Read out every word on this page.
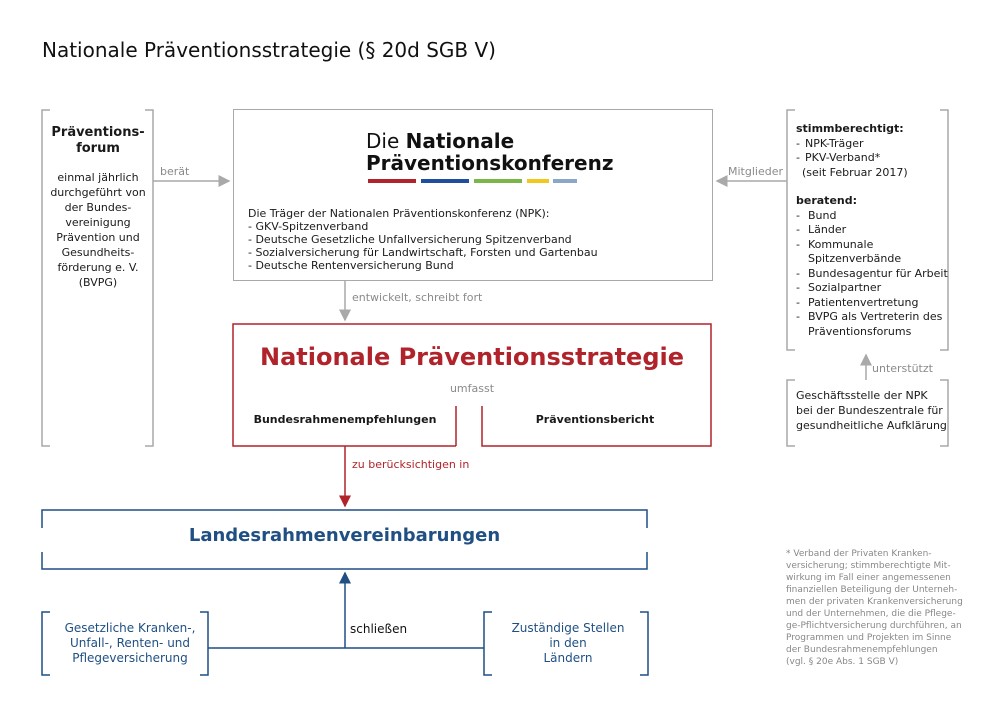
Nationale Präventionsstrategie (§ 20d SGB V)
Präventions-
forum
einmal jährlich
durchgeführt von
der Bundes-
vereinigung
Prävention und
Gesundheits-
förderung e. V.
(BVPG)
berät
Die Nationale
Präventionskonferenz
Die Träger der Nationalen Präventionskonferenz (NPK):
- GKV-Spitzenverband
- Deutsche Gesetzliche Unfallversicherung Spitzenverband
- Sozialversicherung für Landwirtschaft, Forsten und Gartenbau
- Deutsche Rentenversicherung Bund
Mitglieder
entwickelt, schreibt fort
Nationale Präventionsstrategie
umfasst
Bundesrahmenempfehlungen	Präventionsbericht
zu berücksichtigen in
stimmberechtigt:
- NPK-Träger
- PKV-Verband*
(seit Februar 2017)
beratend:
- Bund
- Länder
- Kommunale
Spitzenverbände
- Bundesagentur für Arbeit
- Sozialpartner
- Patientenvertretung
- BVPG als Vertreterin des
Präventionsforums
unterstützt
Geschäftsstelle der NPK
bei der Bundeszentrale für
gesundheitliche Aufklärung
Landesrahmenvereinbarungen
Gesetzliche Kranken-,
Unfall-, Renten- und
Pflegeversicherung
Zuständige Stellen
in den
Ländern
schließen
* Verband der Privaten Kranken-
versicherung; stimmberechtigte Mit-
wirkung im Fall einer angemessenen
finanziellen Beteiligung der Unterneh-
men der privaten Krankenversicherung
und der Unternehmen, die die Pflege-
ge-Pflichtversicherung durchführen, an
Programmen und Projekten im Sinne
der Bundesrahmenempfehlungen
(vgl. § 20e Abs. 1 SGB V)
